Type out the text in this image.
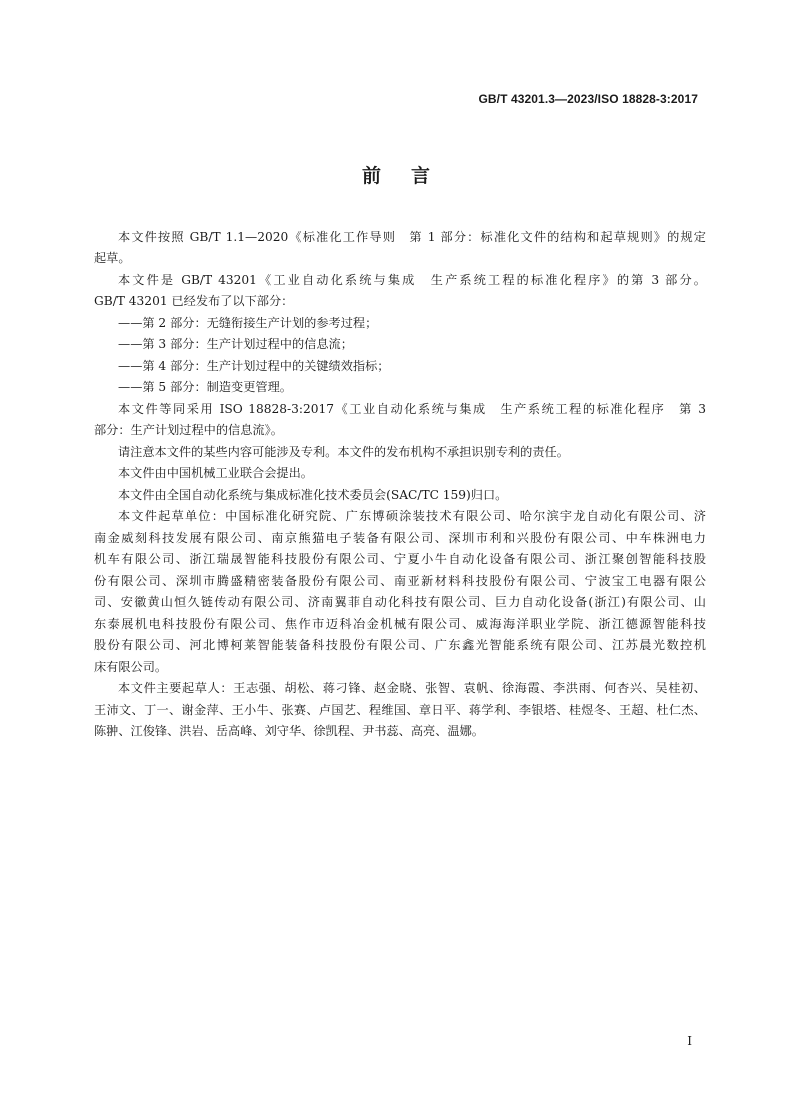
GB/T 43201.3—2023/ISO 18828-3:2017
前言
本文件按照 GB/T 1.1—2020《标准化工作导则　第 1 部分：标准化文件的结构和起草规则》的规定
起草。
本文件是 GB/T 43201《工业自动化系统与集成　生产系统工程的标准化程序》的第 3 部分。
GB/T 43201 已经发布了以下部分：
——第 2 部分：无缝衔接生产计划的参考过程；
——第 3 部分：生产计划过程中的信息流；
——第 4 部分：生产计划过程中的关键绩效指标；
——第 5 部分：制造变更管理。
本文件等同采用 ISO 18828-3:2017《工业自动化系统与集成　生产系统工程的标准化程序　第 3
部分：生产计划过程中的信息流》。
请注意本文件的某些内容可能涉及专利。本文件的发布机构不承担识别专利的责任。
本文件由中国机械工业联合会提出。
本文件由全国自动化系统与集成标准化技术委员会(SAC/TC 159)归口。
本文件起草单位：中国标准化研究院、广东博硕涂装技术有限公司、哈尔滨宇龙自动化有限公司、济
南金威刻科技发展有限公司、南京熊猫电子装备有限公司、深圳市利和兴股份有限公司、中车株洲电力
机车有限公司、浙江瑞晟智能科技股份有限公司、宁夏小牛自动化设备有限公司、浙江聚创智能科技股
份有限公司、深圳市腾盛精密装备股份有限公司、南亚新材料科技股份有限公司、宁波宝工电器有限公
司、安徽黄山恒久链传动有限公司、济南翼菲自动化科技有限公司、巨力自动化设备(浙江)有限公司、山
东泰展机电科技股份有限公司、焦作市迈科冶金机械有限公司、威海海洋职业学院、浙江德源智能科技
股份有限公司、河北博柯莱智能装备科技股份有限公司、广东鑫光智能系统有限公司、江苏晨光数控机
床有限公司。
本文件主要起草人：王志强、胡松、蒋刁锋、赵金晓、张智、袁帆、徐海霞、李洪雨、何杏兴、吴桂初、
王沛文、丁一、谢金萍、王小牛、张赛、卢国艺、程维国、章日平、蒋学利、李银塔、桂煜冬、王超、杜仁杰、
陈翀、江俊锋、洪岩、岳高峰、刘守华、徐凯程、尹书蕊、高亮、温娜。
I
